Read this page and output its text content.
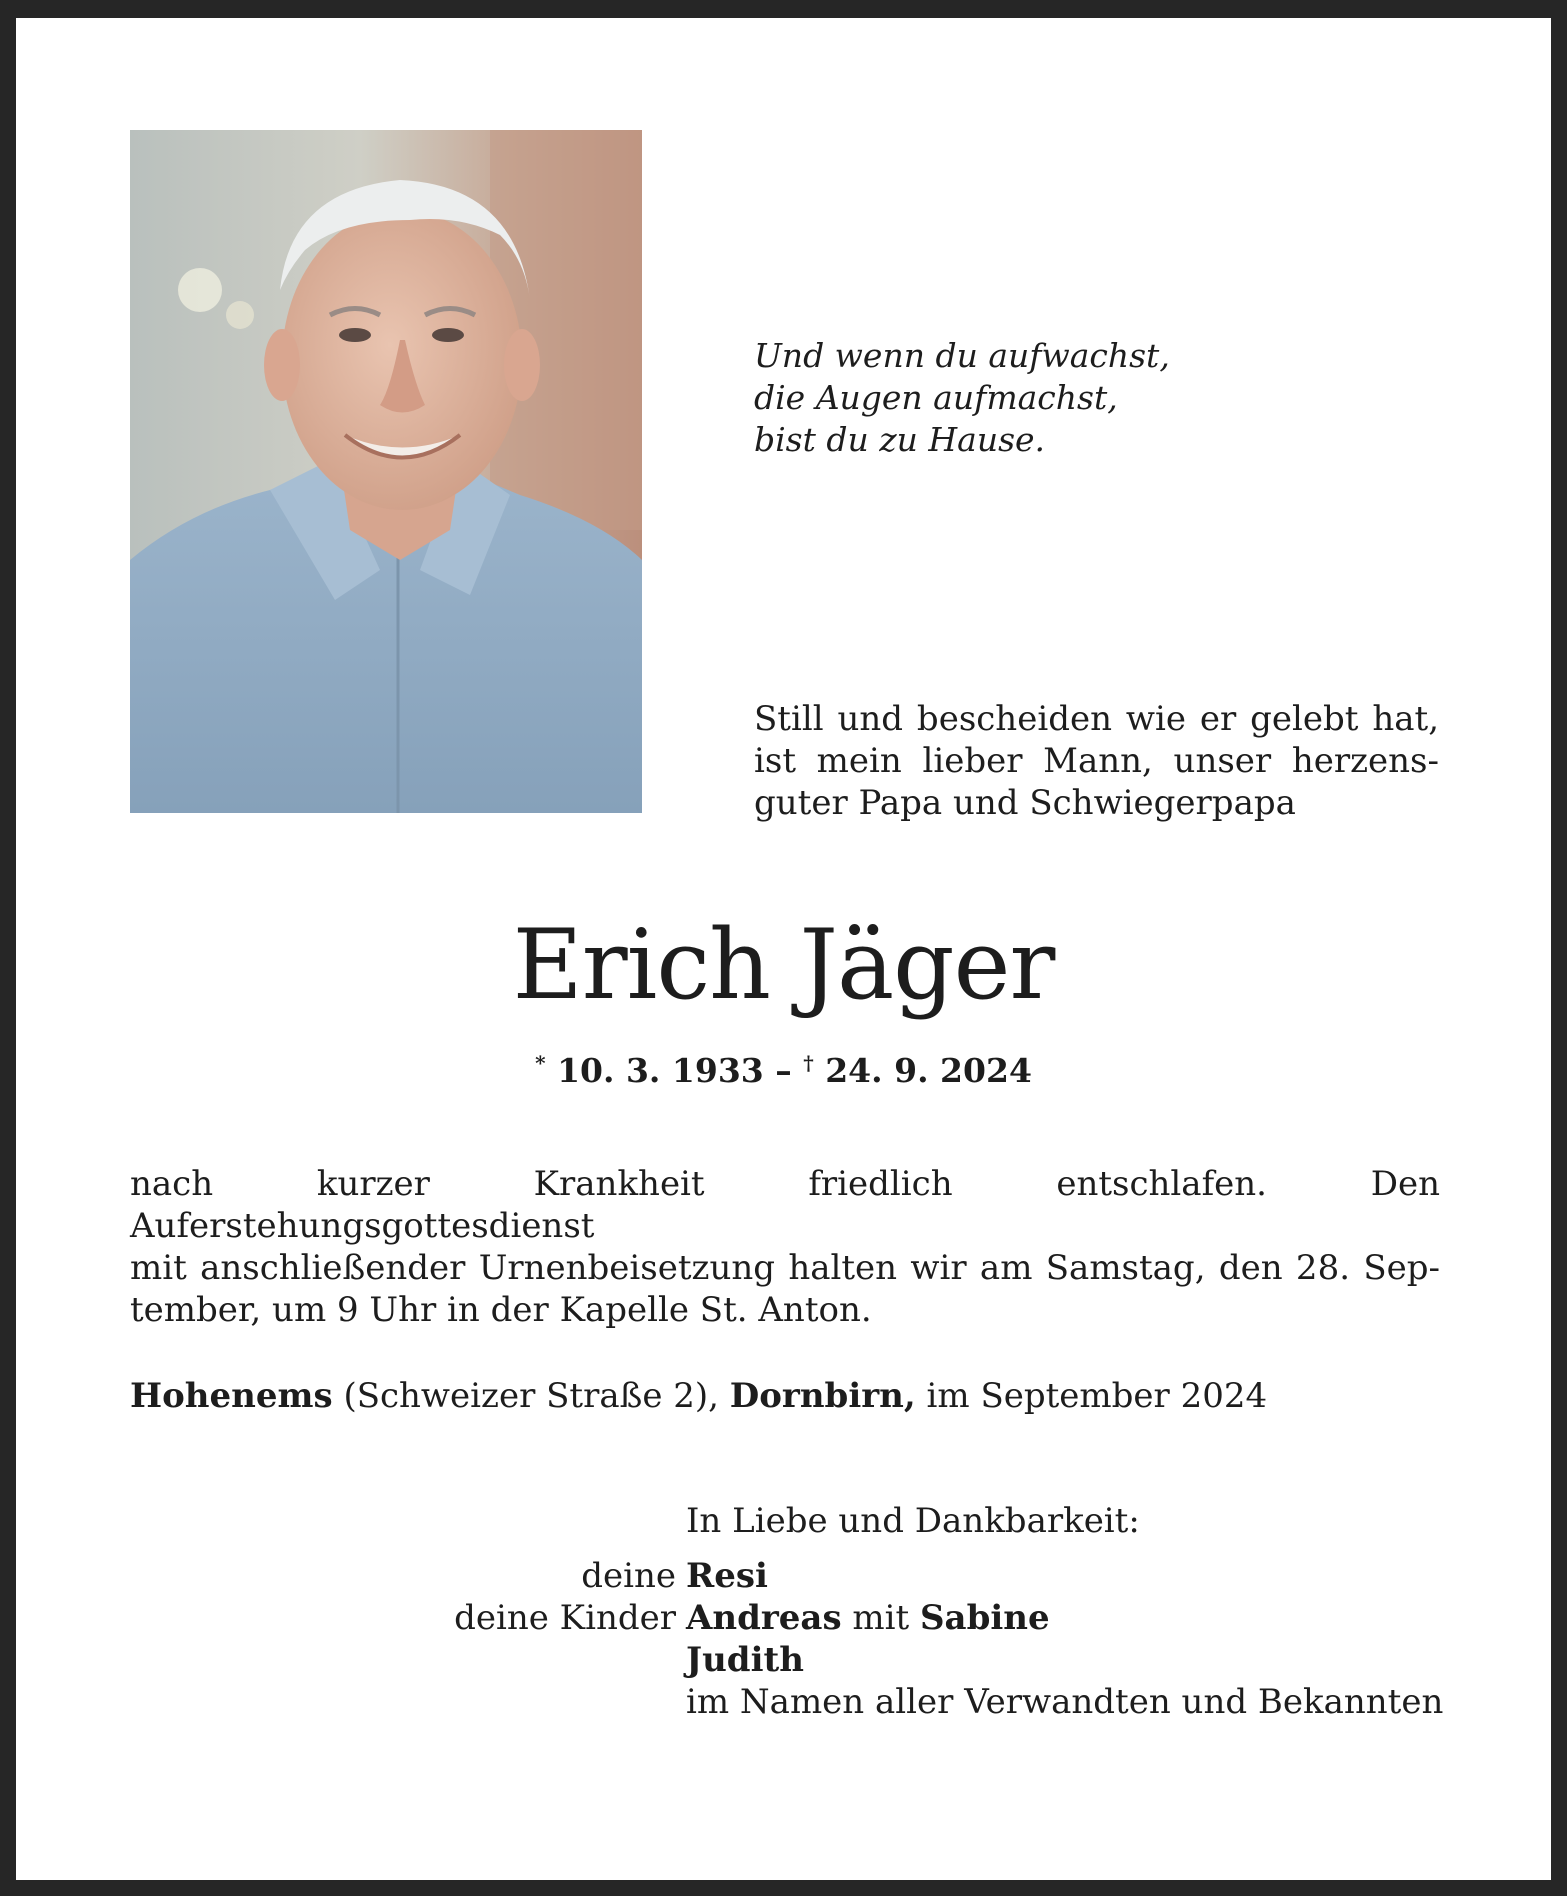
Und wenn du aufwachst,
die Augen aufmachst,
bist du zu Hause.
Still und bescheiden wie er gelebt hat,
ist mein lieber Mann, unser herzens-
guter Papa und Schwiegerpapa
Erich Jäger
* 10. 3. 1933 – † 24. 9. 2024
nach kurzer Krankheit friedlich entschlafen. Den Auferstehungsgottesdienst
mit anschließender Urnenbeisetzung halten wir am Samstag, den 28. Sep-
tember, um 9 Uhr in der Kapelle St. Anton.
Hohenems (Schweizer Straße 2), Dornbirn, im September 2024
In Liebe und Dankbarkeit:
deine Resi
deine Kinder Andreas mit Sabine
Judith
im Namen aller Verwandten und Bekannten
